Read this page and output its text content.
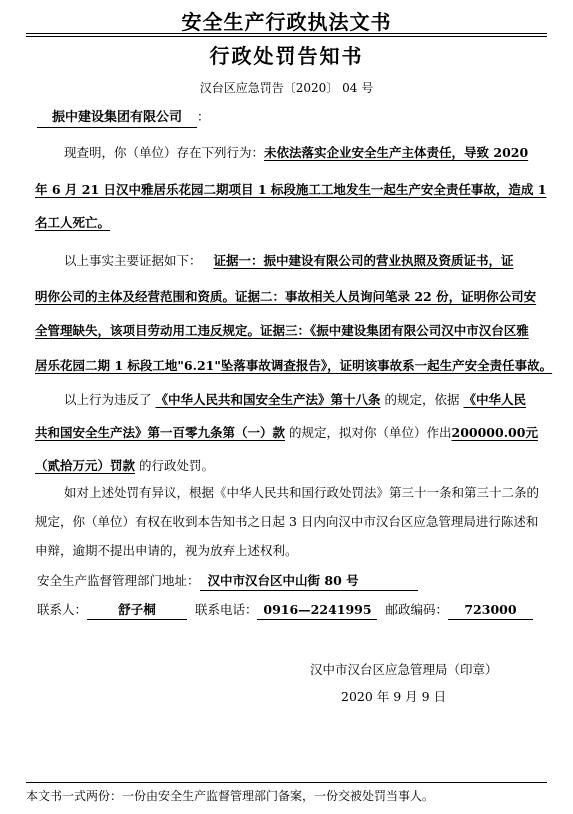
安全生产行政执法文书
行政处罚告知书
汉台区应急罚告〔2020〕 04 号
振中建设集团有限公司 ：
现查明，你（单位）存在下列行为：未依法落实企业安全生产主体责任，导致 2020
年 6 月 21 日汉中雅居乐花园二期项目 1 标段施工工地发生一起生产安全责任事故，造成 1
名工人死亡。
以上事实主要证据如下： 证据一：振中建设有限公司的营业执照及资质证书，证
明你公司的主体及经营范围和资质。证据二：事故相关人员询问笔录 22 份，证明你公司安
全管理缺失，该项目劳动用工违反规定。证据三：《振中建设集团有限公司汉中市汉台区雅
居乐花园二期 1 标段工地"6.21"坠落事故调查报告》，证明该事故系一起生产安全责任事故。
以上行为违反了 《中华人民共和国安全生产法》第十八条 的规定，依据 《中华人民
共和国安全生产法》第一百零九条第（一）款 的规定，拟对你（单位）作出200000.00元
（贰拾万元）罚款 的行政处罚。
如对上述处罚有异议，根据《中华人民共和国行政处罚法》第三十一条和第三十二条的
规定，你（单位）有权在收到本告知书之日起 3 日内向汉中市汉台区应急管理局进行陈述和
申辩，逾期不提出申请的，视为放弃上述权利。
安全生产监督管理部门地址： 汉中市汉台区中山街 80 号
联系人： 舒子桐	联系电话： 0916—2241995 邮政编码： 723000
汉中市汉台区应急管理局（印章）
2020 年 9 月 9 日
本文书一式两份：一份由安全生产监督管理部门备案，一份交被处罚当事人。
